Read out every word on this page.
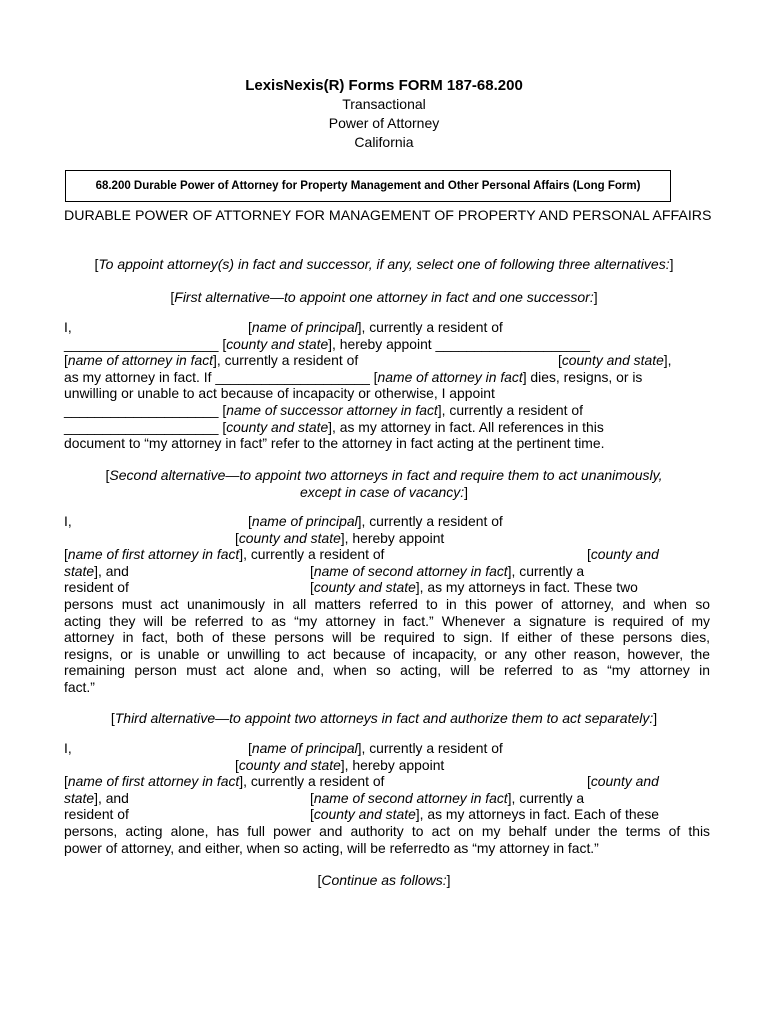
LexisNexis(R) Forms FORM 187-68.200
Transactional
Power of Attorney
California
68.200 Durable Power of Attorney for Property Management and Other Personal Affairs (Long Form)
DURABLE POWER OF ATTORNEY FOR MANAGEMENT OF PROPERTY AND PERSONAL AFFAIRS
[To appoint attorney(s) in fact and successor, if any, select one of following three alternatives:]
[First alternative—to appoint one attorney in fact and one successor:]
I,	[name of principal], currently a resident of
____________________ [county and state], hereby appoint ____________________
[name of attorney in fact], currently a resident of	[county and state],
as my attorney in fact. If ____________________ [name of attorney in fact] dies, resigns, or is
unwilling or unable to act because of incapacity or otherwise, I appoint
____________________ [name of successor attorney in fact], currently a resident of
____________________ [county and state], as my attorney in fact. All references in this
document to “my attorney in fact” refer to the attorney in fact acting at the pertinent time.
[Second alternative—to appoint two attorneys in fact and require them to act unanimously,
except in case of vacancy:]
I,	[name of principal], currently a resident of
[county and state], hereby appoint
[name of first attorney in fact], currently a resident of	[county and
state], and	[name of second attorney in fact], currently a
resident of	[county and state], as my attorneys in fact. These two
persons must act unanimously in all matters referred to in this power of attorney, and when so
acting they will be referred to as “my attorney in fact.” Whenever a signature is required of my
attorney in fact, both of these persons will be required to sign. If either of these persons dies,
resigns, or is unable or unwilling to act because of incapacity, or any other reason, however, the
remaining person must act alone and, when so acting, will be referred to as “my attorney in
fact.”
[Third alternative—to appoint two attorneys in fact and authorize them to act separately:]
I,	[name of principal], currently a resident of
[county and state], hereby appoint
[name of first attorney in fact], currently a resident of	[county and
state], and	[name of second attorney in fact], currently a
resident of	[county and state], as my attorneys in fact. Each of these
persons, acting alone, has full power and authority to act on my behalf under the terms of this
power of attorney, and either, when so acting, will be referredto as “my attorney in fact.”
[Continue as follows:]
